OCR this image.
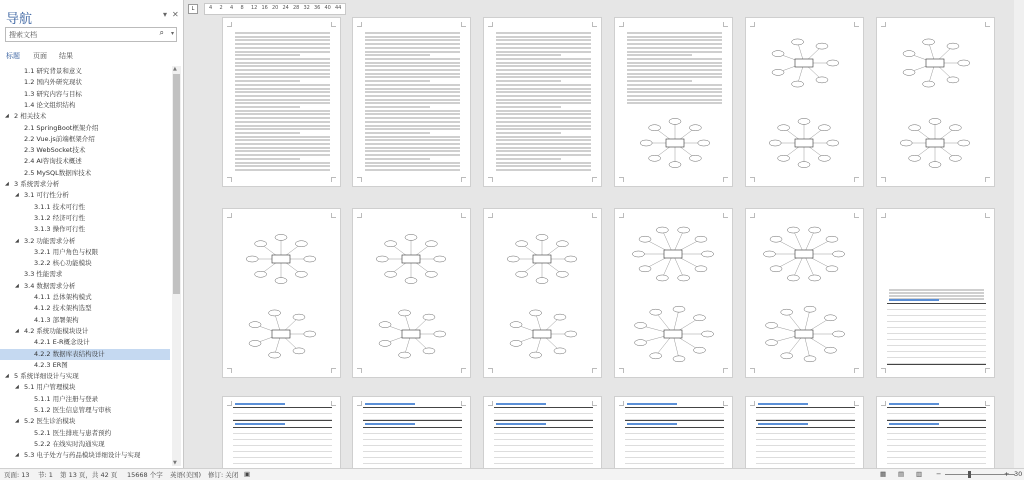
导航	▾ ✕
搜索文档	⌕ ▾
标题 页面 结果
1.1 研究背景和意义
1.2 国内外研究现状
1.3 研究内容与目标
1.4 论文组织结构
◢ 2 相关技术
2.1 SpringBoot框架介绍
2.2 Vue.js前端框架介绍
2.3 WebSocket技术
2.4 AI咨询技术概述
2.5 MySQL数据库技术
◢ 3 系统需求分析
◢ 3.1 可行性分析
3.1.1 技术可行性
3.1.2 经济可行性
3.1.3 操作可行性
◢ 3.2 功能需求分析
3.2.1 用户角色与权限
3.2.2 核心功能模块
3.3 性能需求
◢ 3.4 数据需求分析
4.1.1 总体架构模式
4.1.2 技术架构选型
4.1.3 部署架构
◢ 4.2 系统功能模块设计
4.2.1 E-R概念设计
4.2.2 数据库表结构设计
4.2.3 ER图
◢ 5 系统详细设计与实现
◢ 5.1 用户管理模块
5.1.1 用户注册与登录
5.1.2 医生信息管理与审核
◢ 5.2 医生诊治模块
5.2.1 医生排班与患者预约
5.2.2 在线实时沟通实现
◢ 5.3 电子处方与药品模块详细设计与实现
▲
▼
L	4 2 4 8 12 16 20 24 28 32 36 40 44
页面: 13 节: 1 第 13 页，共 42 页 15668 个字 英语(美国) 修订: 关闭 ▣	▦ ▤ ▥ −	+ 30
